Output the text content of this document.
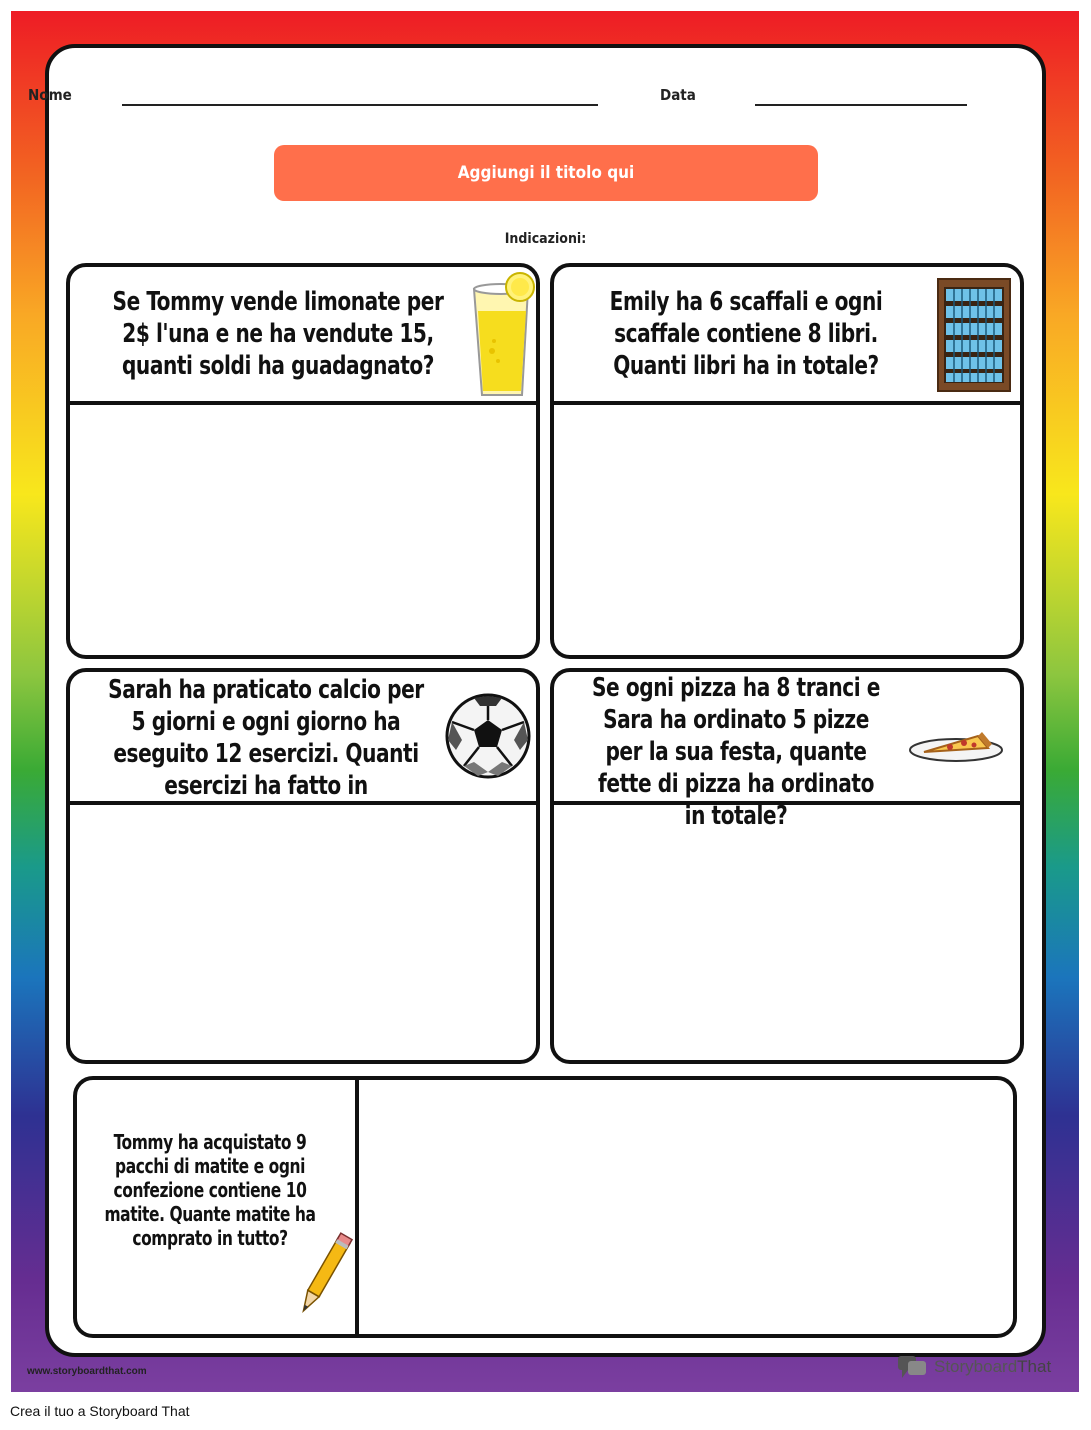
Nome	Data
Aggiungi il titolo qui
Indicazioni:
Se Tommy vende limonate per 2$ l'una e ne ha vendute 15, quanti soldi ha guadagnato?
Emily ha 6 scaffali e ogni scaffale contiene 8 libri. Quanti libri ha in totale?
Sarah ha praticato calcio per 5 giorni e ogni giorno ha eseguito 12 esercizi. Quanti esercizi ha fatto in
Se ogni pizza ha 8 tranci e Sara ha ordinato 5 pizze per la sua festa, quante fette di pizza ha ordinato in totale?
Tommy ha acquistato 9 pacchi di matite e ogni confezione contiene 10 matite. Quante matite ha comprato in tutto?
www.storyboardthat.com	StoryboardThat
Crea il tuo a Storyboard That
